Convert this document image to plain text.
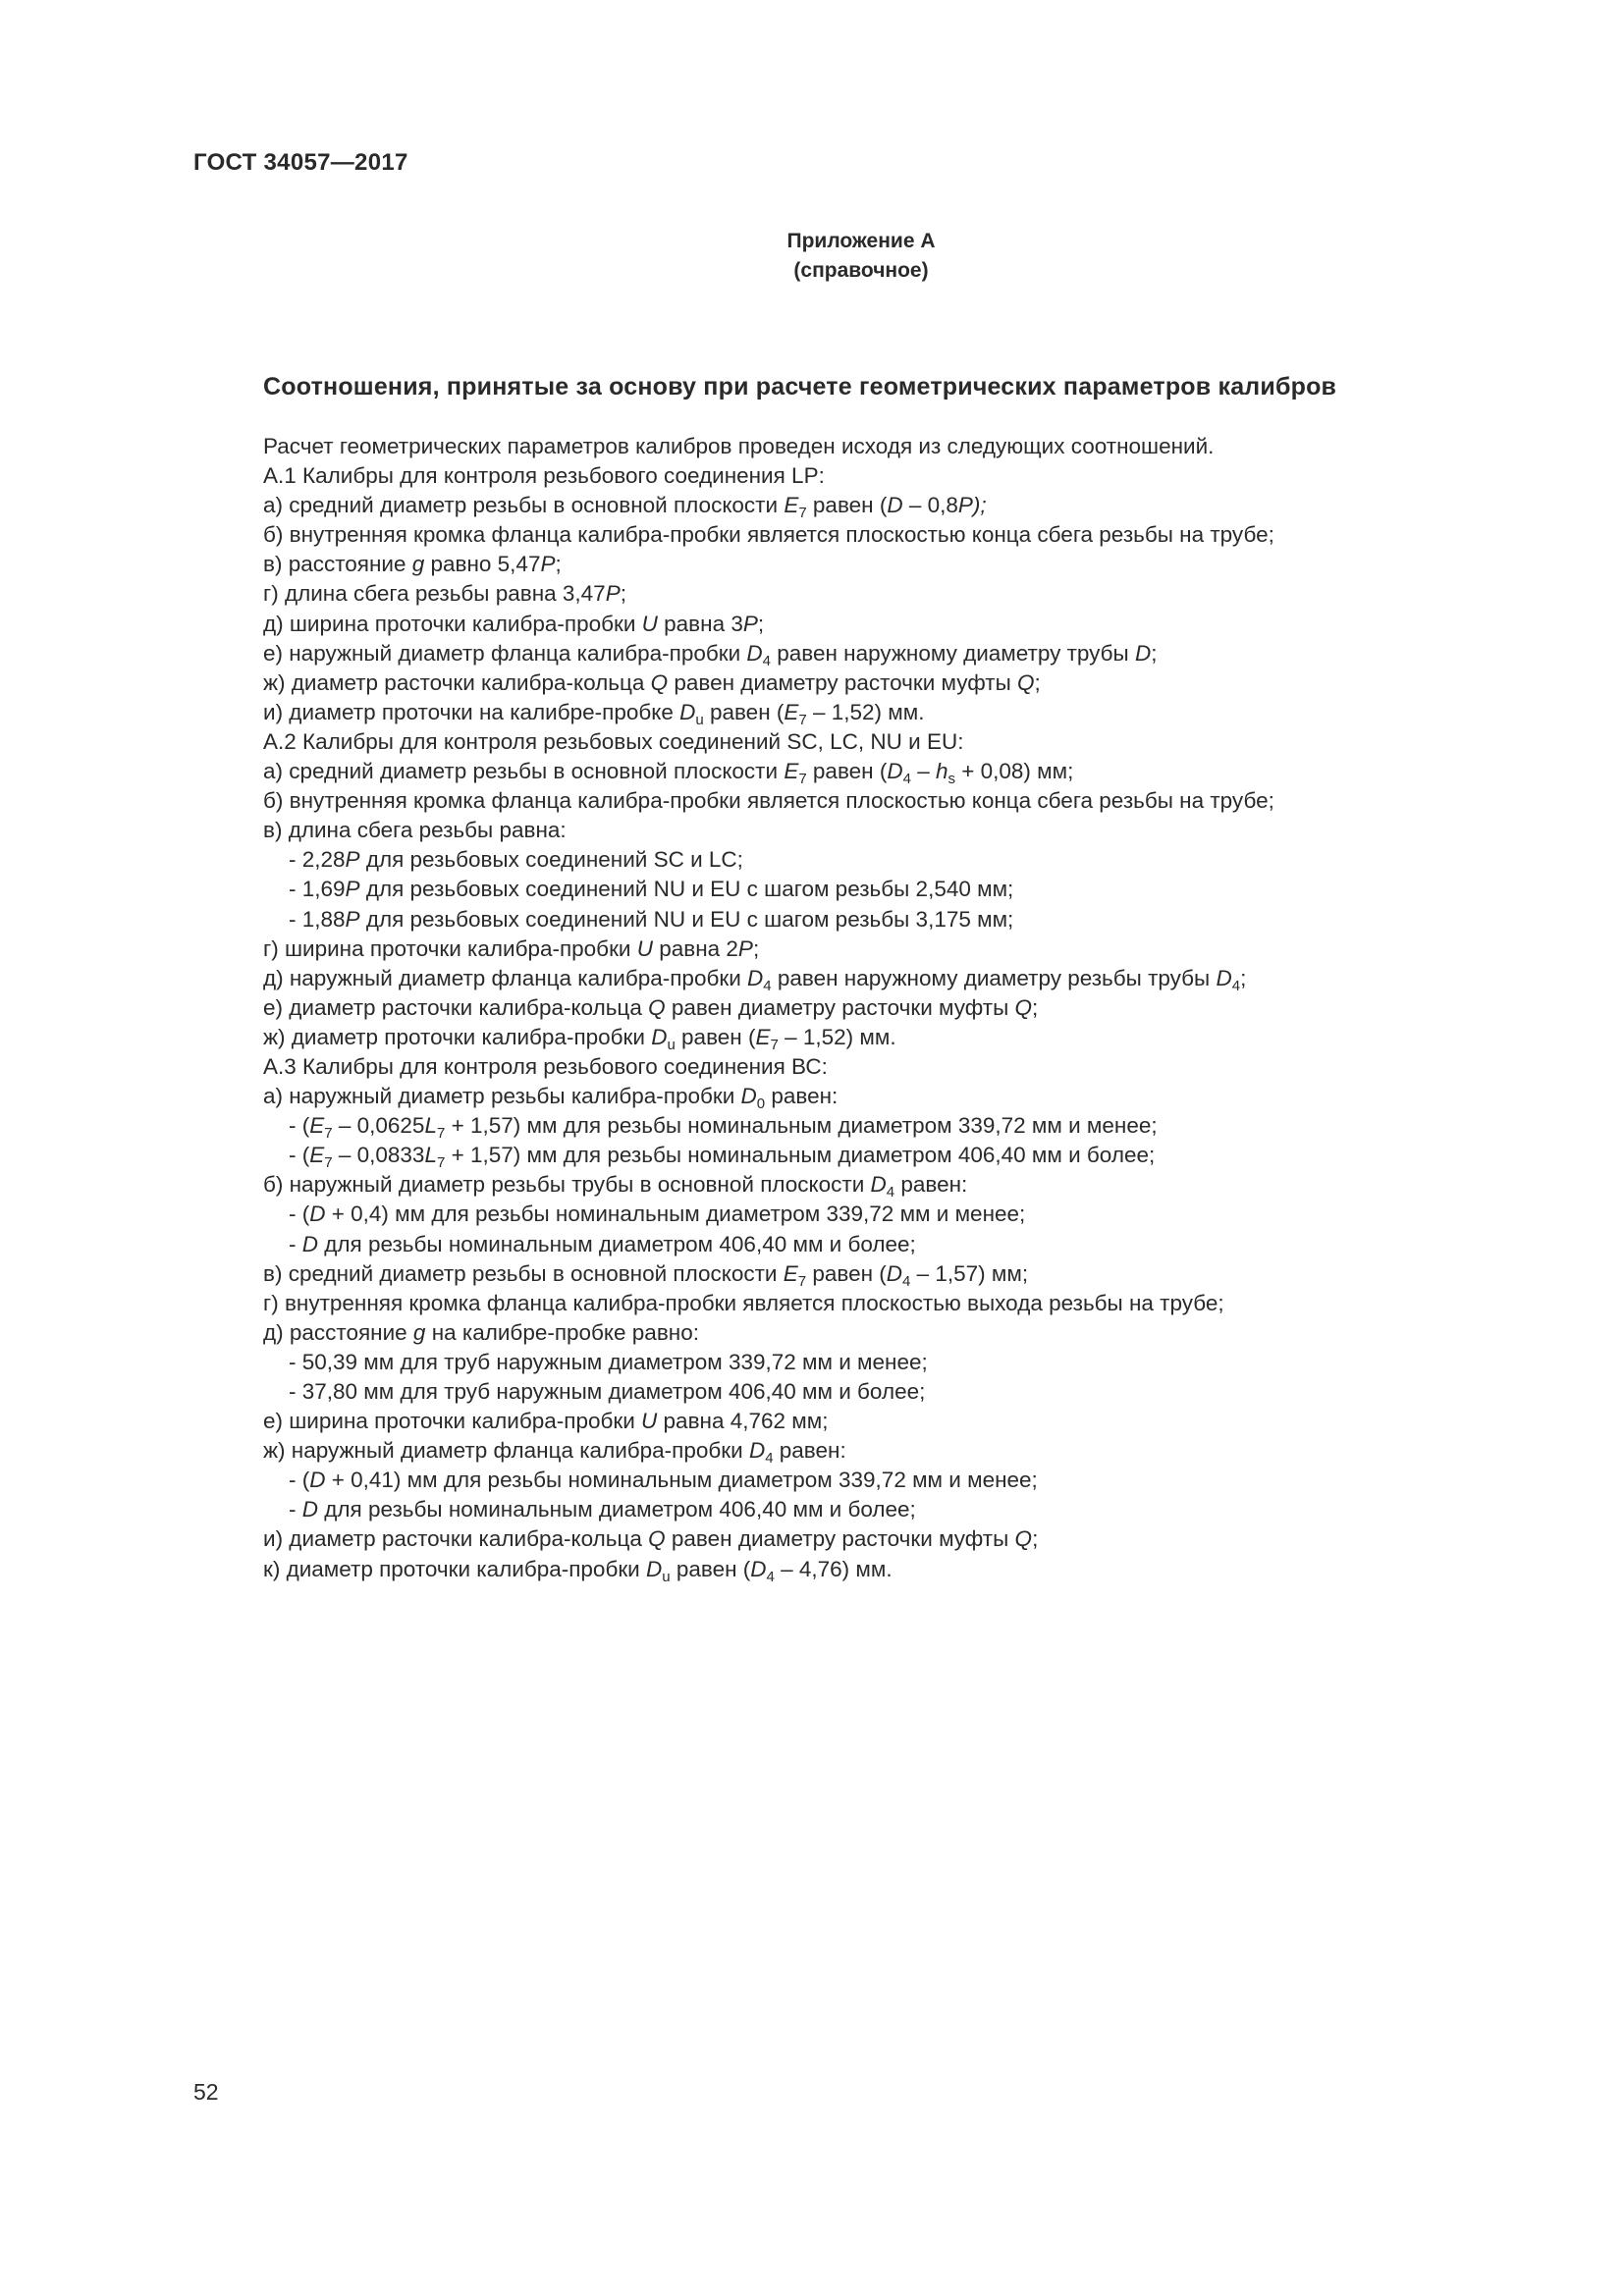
ГОСТ 34057—2017
Приложение А
(справочное)
Соотношения, принятые за основу при расчете геометрических параметров калибров

Расчет геометрических параметров калибров проведен исходя из следующих соотношений.

А.1 Калибры для контроля резьбового соединения LP:

а) средний диаметр резьбы в основной плоскости $E_7$ равен (D – 0,8P);

б) внутренняя кромка фланца калибра-пробки является плоскостью конца сбега резьбы на трубе;

в) расстояние g равно 5,47P;

г) длина сбега резьбы равна 3,47P;

д) ширина проточки калибра-пробки U равна 3P;

е) наружный диаметр фланца калибра-пробки $D_4$ равен наружному диаметру трубы D;

ж) диаметр расточки калибра-кольца Q равен диаметру расточки муфты Q;

и) диаметр проточки на калибре-пробке $D_u$ равен $(E_7 - 1,52)$ мм.

А.2 Калибры для контроля резьбовых соединений SC, LC, NU и EU:

а) средний диаметр резьбы в основной плоскости $E_7$ равен $(D_4 - h_s + 0,08)$ мм;

б) внутренняя кромка фланца калибра-пробки является плоскостью конца сбега резьбы на трубе;

в) длина сбега резьбы равна:

- 2,28P для резьбовых соединений SC и LC;

- 1,69P для резьбовых соединений NU и EU с шагом резьбы 2,540 мм;

- 1,88P для резьбовых соединений NU и EU с шагом резьбы 3,175 мм;

г) ширина проточки калибра-пробки U равна 2P;

д) наружный диаметр фланца калибра-пробки $D_4$ равен наружному диаметру резьбы трубы $D_4$;

е) диаметр расточки калибра-кольца Q равен диаметру расточки муфты Q;

ж) диаметр проточки калибра-пробки $D_u$ равен $(E_7 - 1,52)$ мм.

А.3 Калибры для контроля резьбового соединения ВС:

а) наружный диаметр резьбы калибра-пробки $D_0$ равен:

- $(E_7 - 0,0625L_7 + 1,57)$ мм для резьбы номинальным диаметром 339,72 мм и менее;

- $(E_7 - 0,0833L_7 + 1,57)$ мм для резьбы номинальным диаметром 406,40 мм и более;

б) наружный диаметр резьбы трубы в основной плоскости $D_4$ равен:

- (D + 0,4) мм для резьбы номинальным диаметром 339,72 мм и менее;

- D для резьбы номинальным диаметром 406,40 мм и более;

в) средний диаметр резьбы в основной плоскости $E_7$ равен $(D_4 - 1,57)$ мм;

г) внутренняя кромка фланца калибра-пробки является плоскостью выхода резьбы на трубе;

д) расстояние g на калибре-пробке равно:

- 50,39 мм для труб наружным диаметром 339,72 мм и менее;

- 37,80 мм для труб наружным диаметром 406,40 мм и более;

е) ширина проточки калибра-пробки U равна 4,762 мм;

ж) наружный диаметр фланца калибра-пробки $D_4$ равен:

- (D + 0,41) мм для резьбы номинальным диаметром 339,72 мм и менее;

- D для резьбы номинальным диаметром 406,40 мм и более;

и) диаметр расточки калибра-кольца Q равен диаметру расточки муфты Q;

к) диаметр проточки калибра-пробки $D_u$ равен $(D_4 - 4,76)$ мм.

52
